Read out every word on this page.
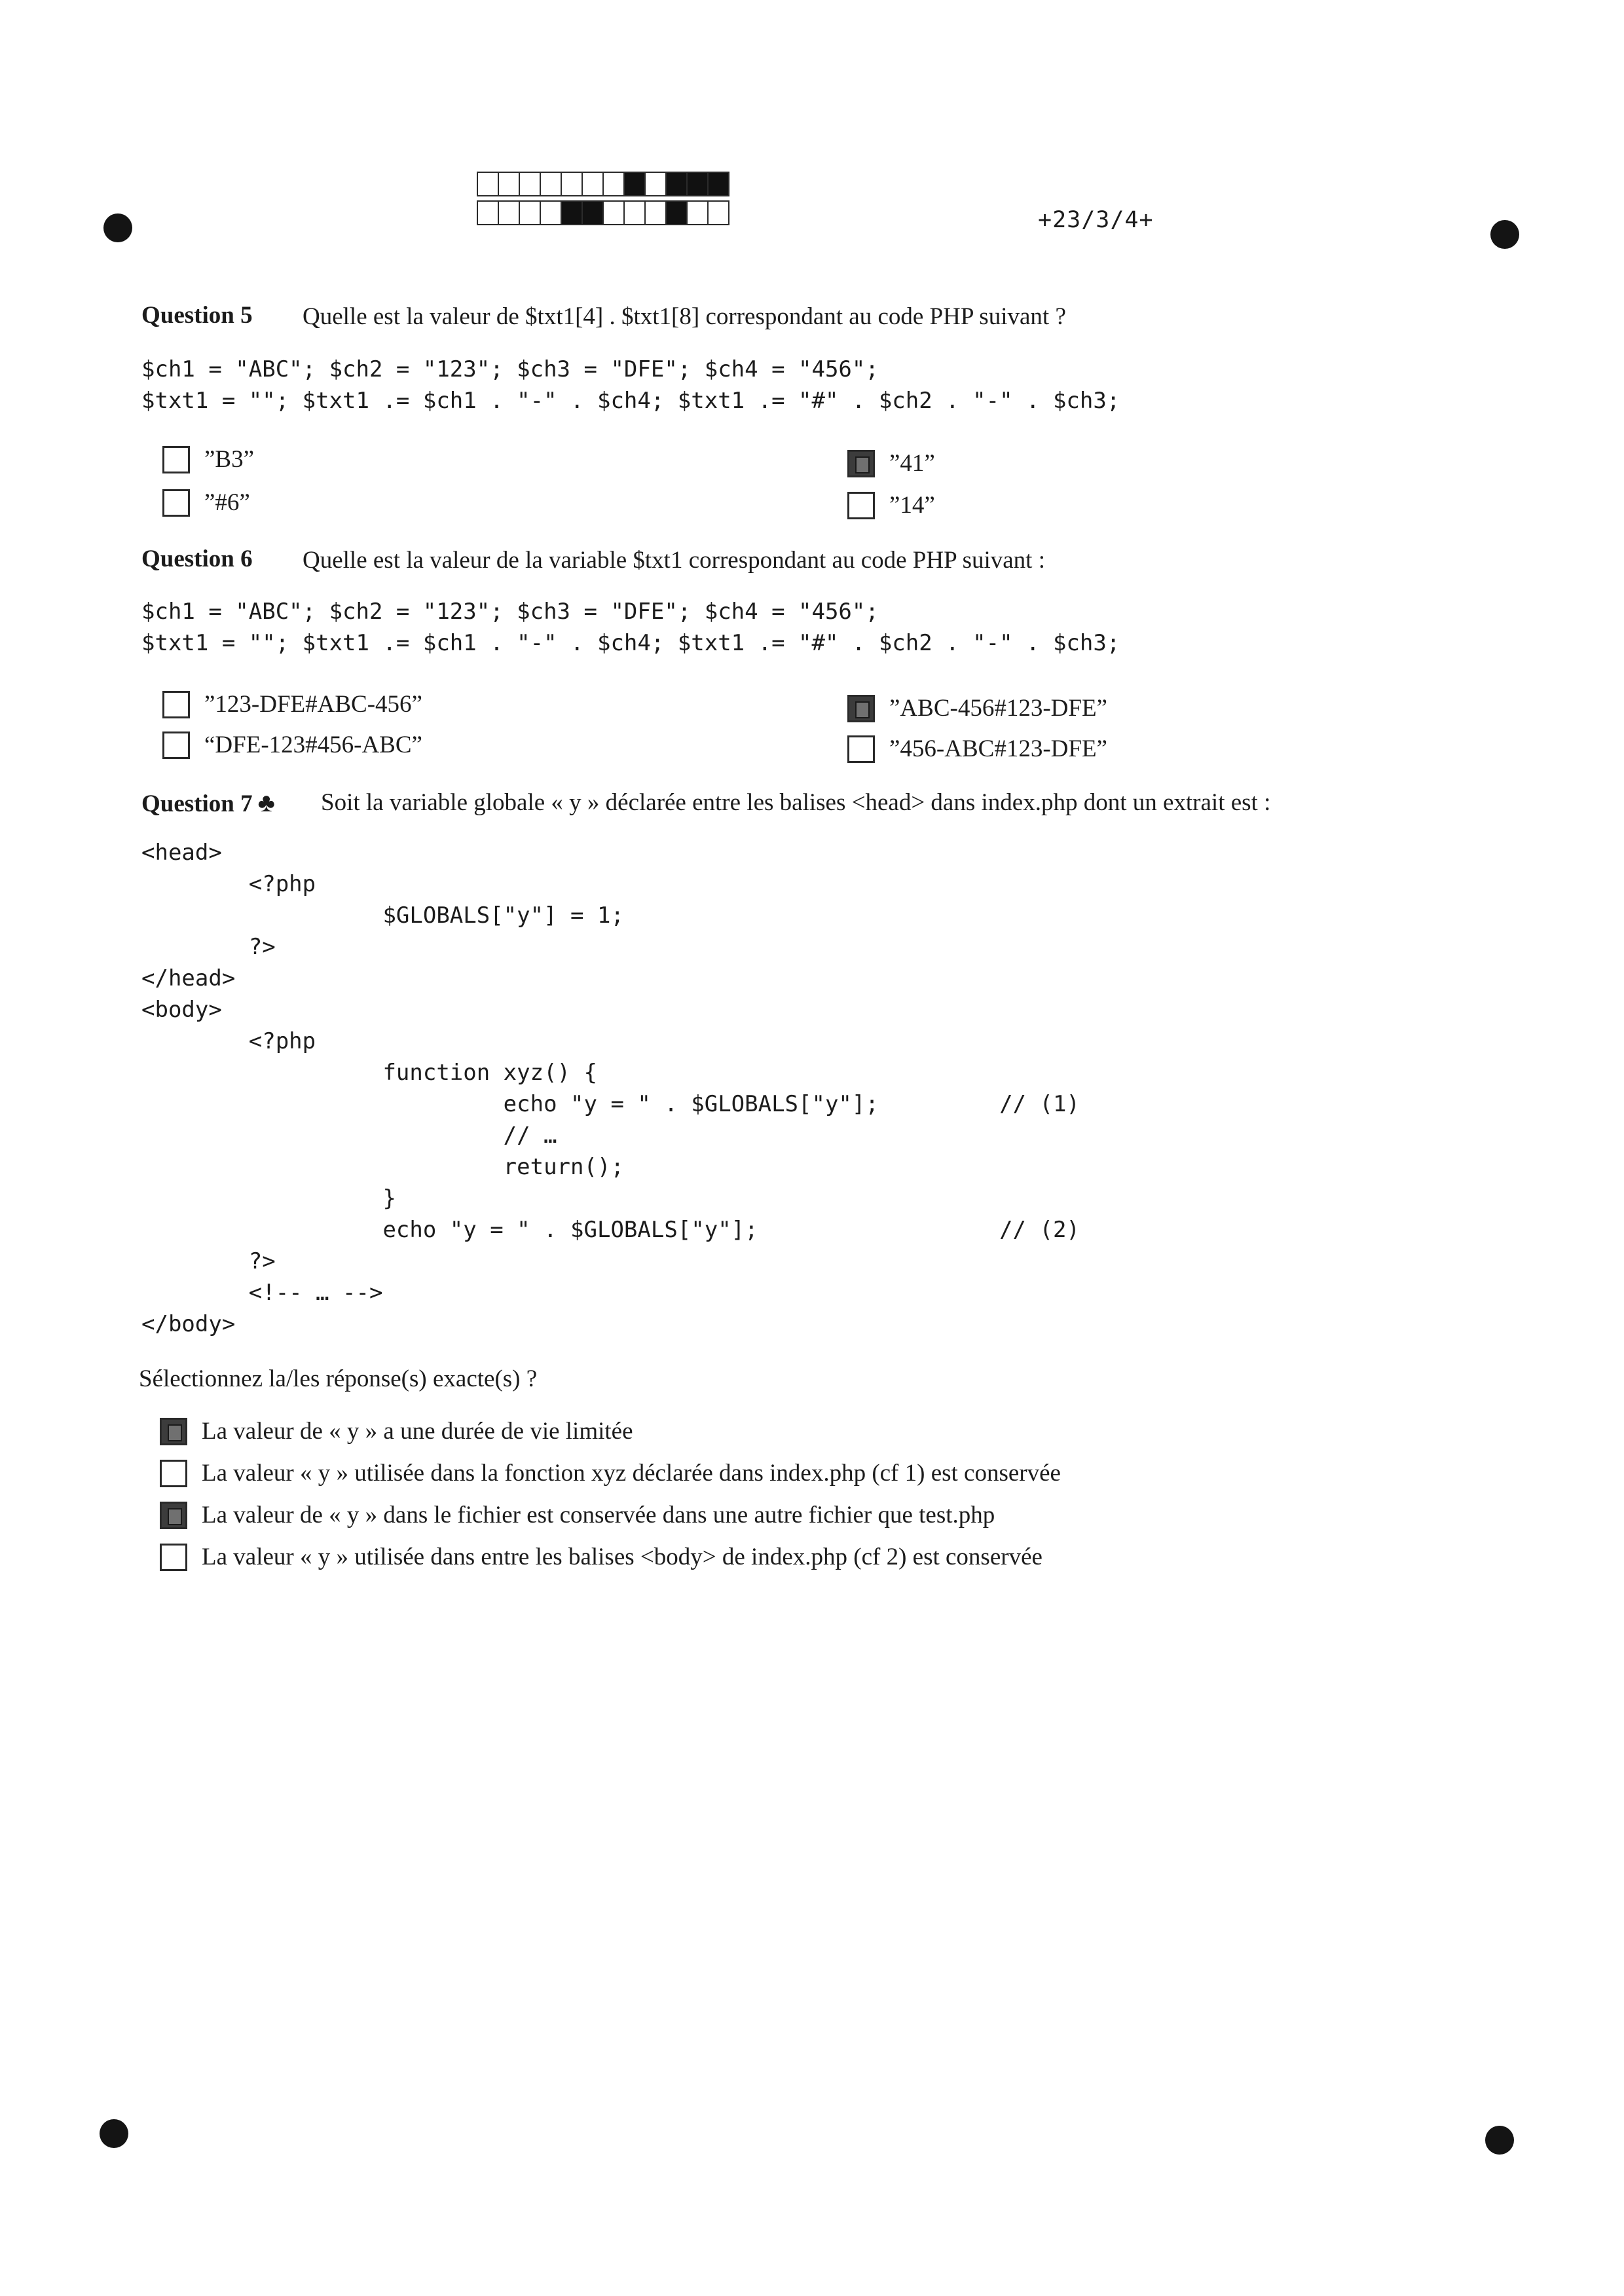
+23/3/4+
Question 5 Quelle est la valeur de $txt1[4] . $txt1[8] correspondant au code PHP suivant ?
$ch1 = "ABC"; $ch2 = "123"; $ch3 = "DFE"; $ch4 = "456";
$txt1 = ""; $txt1 .= $ch1 . "-" . $ch4; $txt1 .= "#" . $ch2 . "-" . $ch3;
”B3”	”41”
”#6”	”14”
Question 6 Quelle est la valeur de la variable $txt1 correspondant au code PHP suivant :
$ch1 = "ABC"; $ch2 = "123"; $ch3 = "DFE"; $ch4 = "456";
$txt1 = ""; $txt1 .= $ch1 . "-" . $ch4; $txt1 .= "#" . $ch2 . "-" . $ch3;
”123-DFE#ABC-456”	”ABC-456#123-DFE”
“DFE-123#456-ABC”	”456-ABC#123-DFE”
Question 7 ♣ Soit la variable globale « y » déclarée entre les balises <head> dans index.php dont un extrait est :
<head>
<?php
$GLOBALS["y"] = 1;
?>
</head>
<body>
<?php
function xyz() {
echo "y = " . $GLOBALS["y"];         // (1)
// …
return();
}
echo "y = " . $GLOBALS["y"];                  // (2)
?>
<!-- … -->
</body>
Sélectionnez la/les réponse(s) exacte(s) ?
La valeur de « y » a une durée de vie limitée
La valeur « y » utilisée dans la fonction xyz déclarée dans index.php (cf 1) est conservée
La valeur de « y » dans le fichier est conservée dans une autre fichier que test.php
La valeur « y » utilisée dans entre les balises <body> de index.php (cf 2) est conservée
